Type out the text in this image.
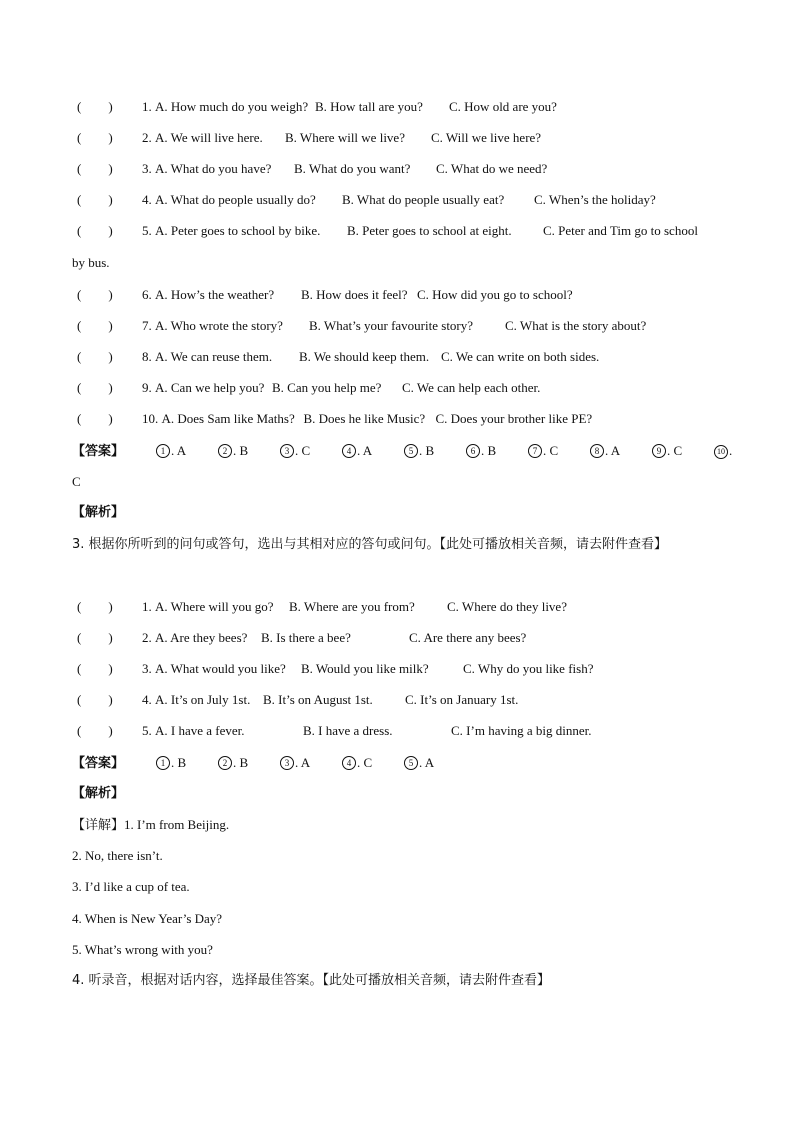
( ) 1. A. How much do you weigh? B. How tall are you? C. How old are you?
( ) 2. A. We will live here. B. Where will we live? C. Will we live here?
( ) 3. A. What do you have? B. What do you want? C. What do we need?
( ) 4. A. What do people usually do? B. What do people usually eat? C. When’s the holiday?
( ) 5. A. Peter goes to school by bike. B. Peter goes to school at eight. C. Peter and Tim go to school
by bus.
( ) 6. A. How’s the weather? B. How does it feel? C. How did you go to school?
( ) 7. A. Who wrote the story? B. What’s your favourite story? C. What is the story about?
( ) 8. A. We can reuse them. B. We should keep them. C. We can write on both sides.
( ) 9. A. Can we help you? B. Can you help me? C. We can help each other.
( ) 10. A. Does Sam like Maths? B. Does he like Music? C. Does your brother like PE?
【答案】	1 . A	2 . B	3 . C	4 . A	5 . B	6 . B	7 . C	8 . A	9 . C	10 .
C
【解析】
3. 根据你所听到的问句或答句，选出与其相对应的答句或问句。【此处可播放相关音频，请去附件查看】
( ) 1. A. Where will you go? B. Where are you from? C. Where do they live?
( ) 2. A. Are they bees? B. Is there a bee?	C. Are there any bees?
( ) 3. A. What would you like? B. Would you like milk?	C. Why do you like fish?
( ) 4. A. It’s on July 1st. B. It’s on August 1st. C. It’s on January 1st.
( ) 5. A. I have a fever.	B. I have a dress.	C. I’m having a big dinner.
【答案】	1 . B	2 . B	3 . A	4 . C	5 . A
【解析】
【详解】1. I’m from Beijing.
2. No, there isn’t.
3. I’d like a cup of tea.
4. When is New Year’s Day?
5. What’s wrong with you?
4. 听录音，根据对话内容，选择最佳答案。【此处可播放相关音频，请去附件查看】
